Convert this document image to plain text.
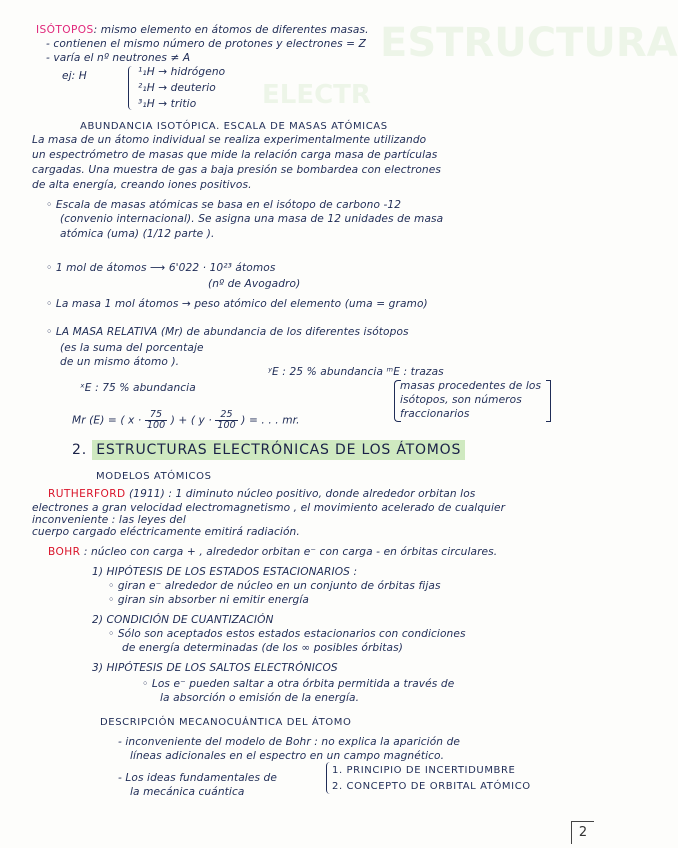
ESTRUCTURA
ELECTR
ISÓTOPOS: mismo elemento en átomos de diferentes masas.
- contienen el mismo número de protones y electrones = Z
- varía el nº neutrones ≠ A
ej: H	¹₁H → hidrógeno
²₁H → deuterio
³₁H → tritio
ABUNDANCIA ISOTÓPICA. ESCALA DE MASAS ATÓMICAS
La masa de un átomo individual se realiza experimentalmente utilizando
un espectrómetro de masas que mide la relación carga masa de partículas
cargadas. Una muestra de gas a baja presión se bombardea con electrones
de alta energía, creando iones positivos.
◦ Escala de masas atómicas se basa en el isótopo de carbono -12
(convenio internacional). Se asigna una masa de 12 unidades de masa
atómica (uma) (1/12 parte ).
◦ 1 mol de átomos ⟶ 6'022 · 10²³ átomos
(nº de Avogadro)
◦ La masa 1 mol átomos → peso atómico del elemento (uma = gramo)
◦ LA MASA RELATIVA (Mr) de abundancia de los diferentes isótopos
(es la suma del porcentaje
de un mismo átomo ).
ʸE : 25 % abundancia ᵐE : trazas
ˣE : 75 % abundancia
Mr (E) = ( $x \cdot \frac{75}{100}$ ) + ( $y \cdot \frac{25}{100}$ ) = . . . mr.
masas procedentes de los
isótopos, son números
fraccionarios
MODELOS ATÓMICOS
RUTHERFORD (1911) : 1 diminuto núcleo positivo, donde alrededor orbitan los
electrones a gran velocidad electromagnetismo , el movimiento acelerado de cualquier
inconveniente : las leyes del
cuerpo cargado eléctricamente emitirá radiación.
BOHR : núcleo con carga + , alrededor orbitan e⁻ con carga - en órbitas circulares.
1) HIPÓTESIS DE LOS ESTADOS ESTACIONARIOS :
◦ giran e⁻ alrededor de núcleo en un conjunto de órbitas fijas
◦ giran sin absorber ni emitir energía
2) CONDICIÓN DE CUANTIZACIÓN
◦ Sólo son aceptados estos estados estacionarios con condiciones
de energía determinadas (de los ∞ posibles órbitas)
3) HIPÓTESIS DE LOS SALTOS ELECTRÓNICOS
◦ Los e⁻ pueden saltar a otra órbita permitida a través de
la absorción o emisión de la energía.
DESCRIPCIÓN MECANOCUÁNTICA DEL ÁTOMO
- inconveniente del modelo de Bohr : no explica la aparición de
líneas adicionales en el espectro en un campo magnético.
- Los ideas fundamentales de
la mecánica cuántica
1. PRINCIPIO DE INCERTIDUMBRE
2. CONCEPTO DE ORBITAL ATÓMICO
2. ESTRUCTURAS ELECTRÓNICAS DE LOS ÁTOMOS
2
